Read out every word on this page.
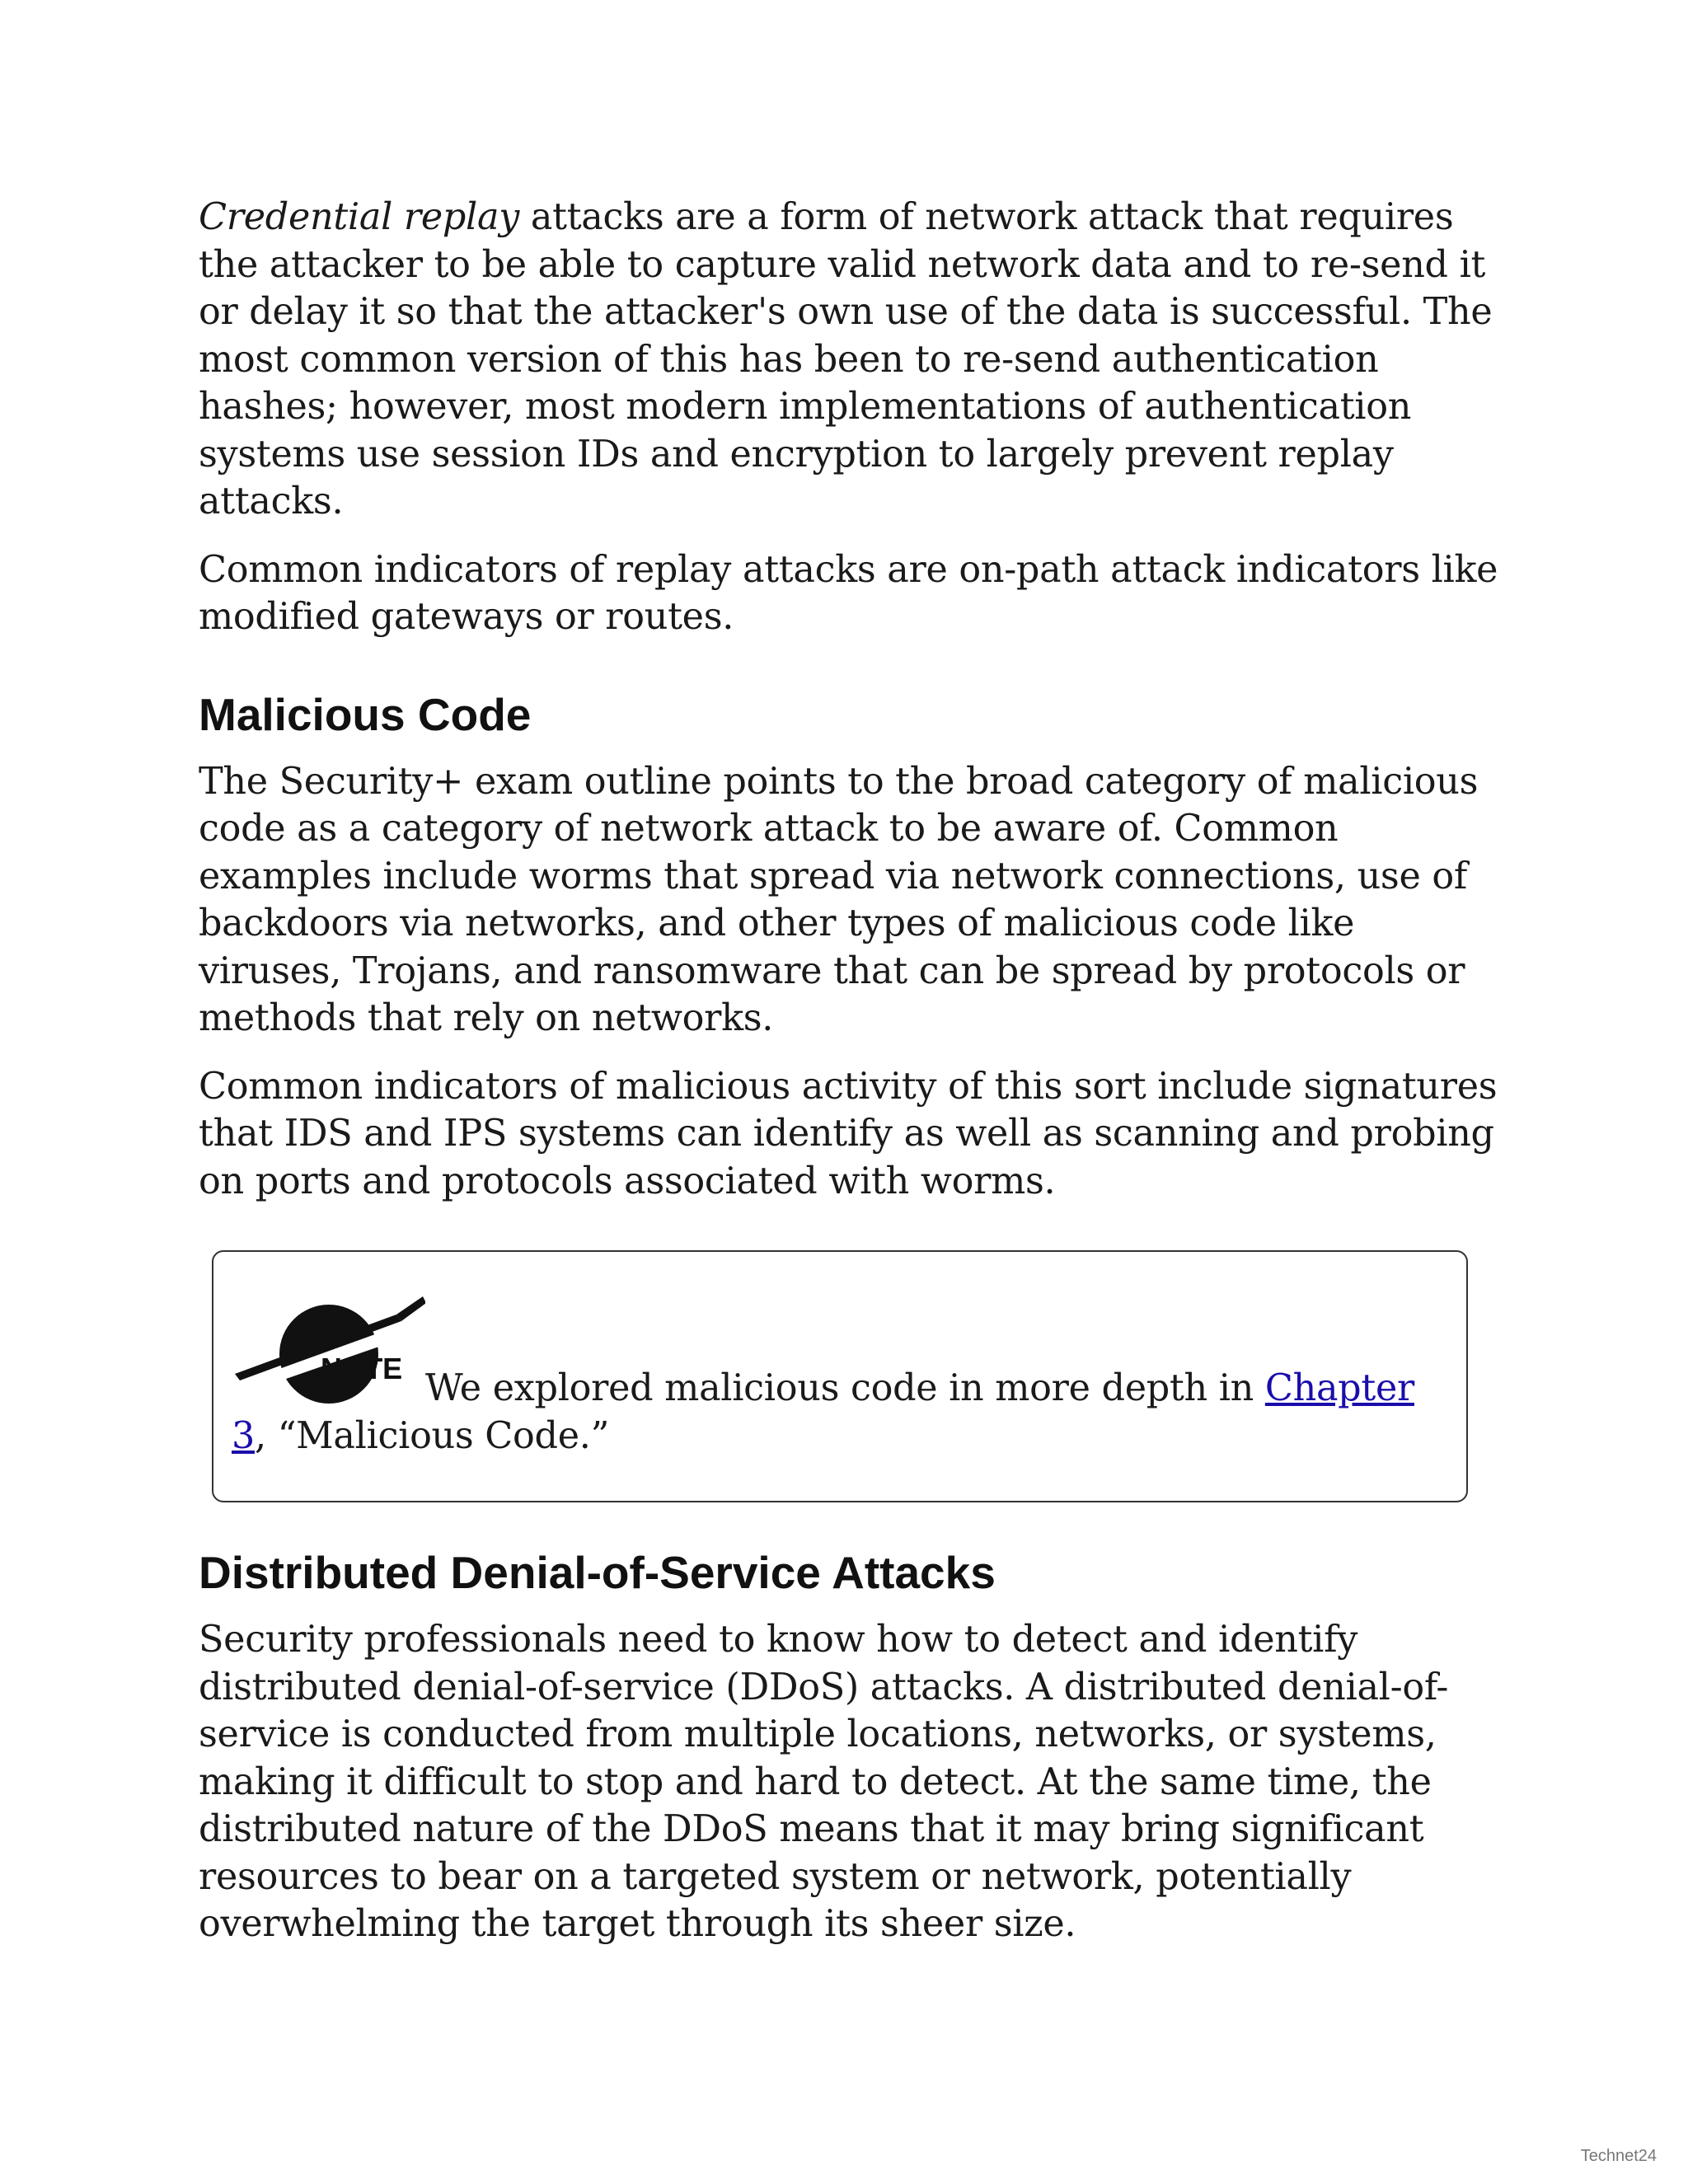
Credential replay attacks are a form of network attack that requires the attacker to be able to capture valid network data and to re-send it or delay it so that the attacker's own use of the data is successful. The most common version of this has been to re-send authentication hashes; however, most modern implementations of authentication systems use session IDs and encryption to largely prevent replay attacks.

Common indicators of replay attacks are on-path attack indicators like modified gateways or routes.

Malicious Code

The Security+ exam outline points to the broad category of malicious code as a category of network attack to be aware of. Common examples include worms that spread via network connections, use of backdoors via networks, and other types of malicious code like viruses, Trojans, and ransomware that can be spread by protocols or methods that rely on networks.

Common indicators of malicious activity of this sort include signatures that IDS and IPS systems can identify as well as scanning and probing on ports and protocols associated with worms.

NOTE We explored malicious code in more depth in Chapter 3, “Malicious Code.”

Distributed Denial-of-Service Attacks

Security professionals need to know how to detect and identify distributed denial-of-service (DDoS) attacks. A distributed denial-of-service is conducted from multiple locations, networks, or systems, making it difficult to stop and hard to detect. At the same time, the distributed nature of the DDoS means that it may bring significant resources to bear on a targeted system or network, potentially overwhelming the target through its sheer size.

Technet24
